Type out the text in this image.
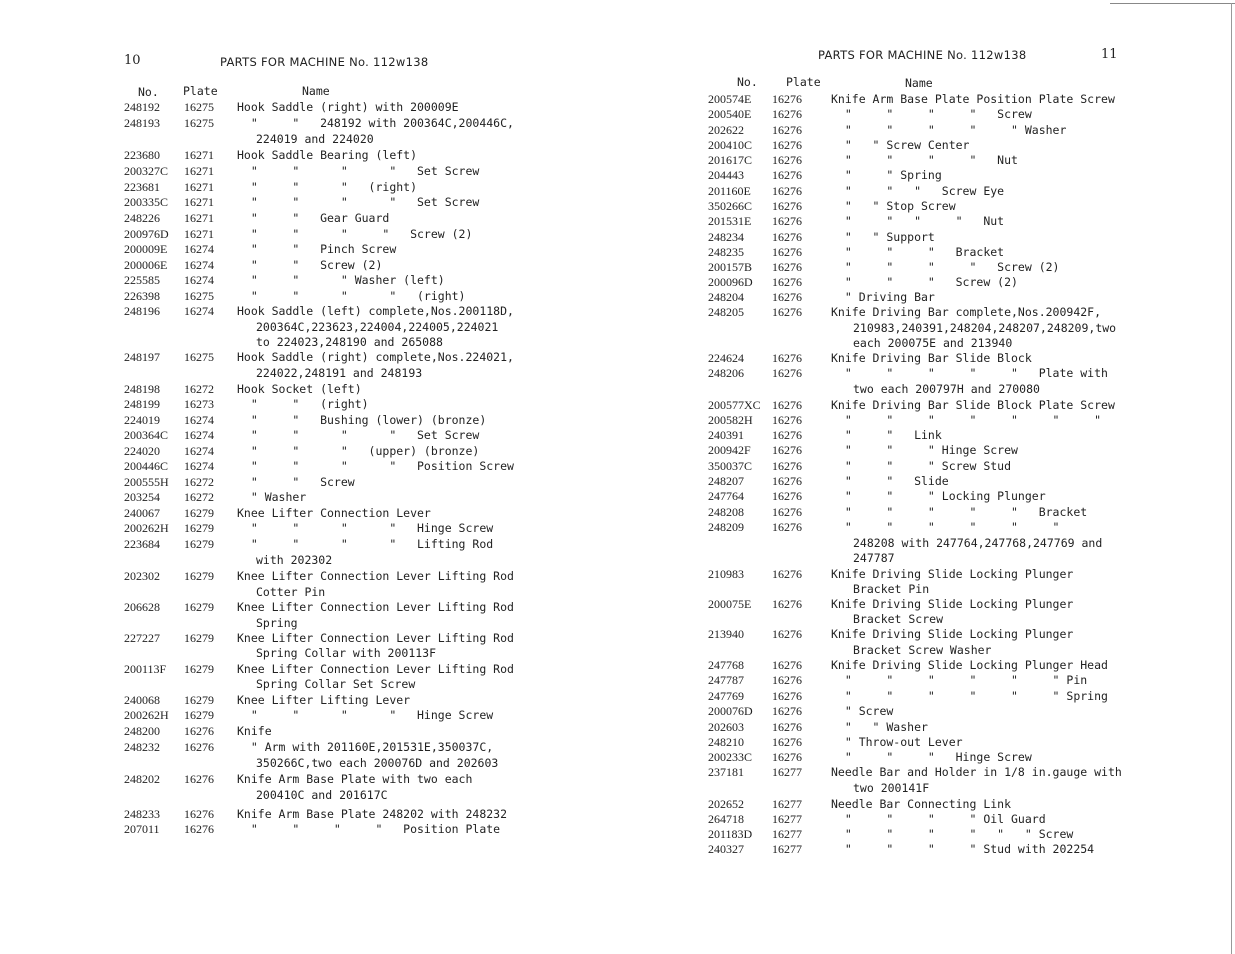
10	PARTS FOR MACHINE No. 112w138
No. Plate	Name
248192 16275 Hook Saddle (right) with 200009E
248193 16275 "     "   248192 with 200364C,200446C,
224019 and 224020
223680 16271 Hook Saddle Bearing (left)
200327C 16271 "     "      "      "   Set Screw
223681 16271 "     "      "   (right)
200335C 16271 "     "      "      "   Set Screw
248226 16271 "     "   Gear Guard
200976D 16271 "     "      "     "   Screw (2)
200009E 16274 "     "   Pinch Screw
200006E 16274 "     "   Screw (2)
225585 16274 "     "      " Washer (left)
226398 16275 "     "      "      "   (right)
248196 16274 Hook Saddle (left) complete,Nos.200118D,
200364C,223623,224004,224005,224021
to 224023,248190 and 265088
248197 16275 Hook Saddle (right) complete,Nos.224021,
224022,248191 and 248193
248198 16272 Hook Socket (left)
248199 16273 "     "   (right)
224019 16274 "     "   Bushing (lower) (bronze)
200364C 16274 "     "      "      "   Set Screw
224020 16274 "     "      "   (upper) (bronze)
200446C 16274 "     "      "      "   Position Screw
200555H 16272 "     "   Screw
203254 16272 " Washer
240067 16279 Knee Lifter Connection Lever
200262H 16279 "     "      "      "   Hinge Screw
223684 16279 "     "      "      "   Lifting Rod
with 202302
202302 16279 Knee Lifter Connection Lever Lifting Rod
Cotter Pin
206628 16279 Knee Lifter Connection Lever Lifting Rod
Spring
227227 16279 Knee Lifter Connection Lever Lifting Rod
Spring Collar with 200113F
200113F 16279 Knee Lifter Connection Lever Lifting Rod
Spring Collar Set Screw
240068 16279 Knee Lifter Lifting Lever
200262H 16279 "     "      "      "   Hinge Screw
248200 16276 Knife
248232 16276 " Arm with 201160E,201531E,350037C,
350266C,two each 200076D and 202603
248202 16276 Knife Arm Base Plate with two each
200410C and 201617C
248233 16276 Knife Arm Base Plate 248202 with 248232
207011 16276 "     "     "     "   Position Plate
11
PARTS FOR MACHINE No. 112w138
No. Plate	Name
200574E 16276	Knife Arm Base Plate Position Plate Screw
200540E 16276	"     "     "     "   Screw
202622 16276	"     "     "     "     " Washer
200410C 16276	"   " Screw Center
201617C 16276	"     "     "     "   Nut
204443 16276	"     " Spring
201160E 16276	"     "   "   Screw Eye
350266C 16276	"   " Stop Screw
201531E 16276	"     "   "     "   Nut
248234 16276	"   " Support
248235 16276	"     "     "   Bracket
200157B 16276	"     "     "     "   Screw (2)
200096D 16276	"     "     "   Screw (2)
248204 16276	" Driving Bar
248205 16276	Knife Driving Bar complete,Nos.200942F,
210983,240391,248204,248207,248209,two
each 200075E and 213940
224624 16276	Knife Driving Bar Slide Block
248206 16276	"     "     "     "     "   Plate with
two each 200797H and 270080
200577XC 16276	Knife Driving Bar Slide Block Plate Screw
200582H 16276	"     "     "     "     "     "     "
240391 16276	"     "   Link
200942F 16276	"     "     " Hinge Screw
350037C 16276	"     "     " Screw Stud
248207 16276	"     "   Slide
247764 16276	"     "     " Locking Plunger
248208 16276	"     "     "     "     "   Bracket
248209 16276	"     "     "     "     "     "
248208 with 247764,247768,247769 and
247787
210983 16276	Knife Driving Slide Locking Plunger
Bracket Pin
200075E 16276	Knife Driving Slide Locking Plunger
Bracket Screw
213940 16276	Knife Driving Slide Locking Plunger
Bracket Screw Washer
247768 16276	Knife Driving Slide Locking Plunger Head
247787 16276	"     "     "     "     "     " Pin
247769 16276	"     "     "     "     "     " Spring
200076D 16276	" Screw
202603 16276	"   " Washer
248210 16276	" Throw-out Lever
200233C 16276	"     "     "   Hinge Screw
237181 16277	Needle Bar and Holder in 1/8 in.gauge with
two 200141F
202652 16277	Needle Bar Connecting Link
264718 16277	"     "     "     " Oil Guard
201183D 16277	"     "     "     "   "   " Screw
240327 16277	"     "     "     " Stud with 202254
